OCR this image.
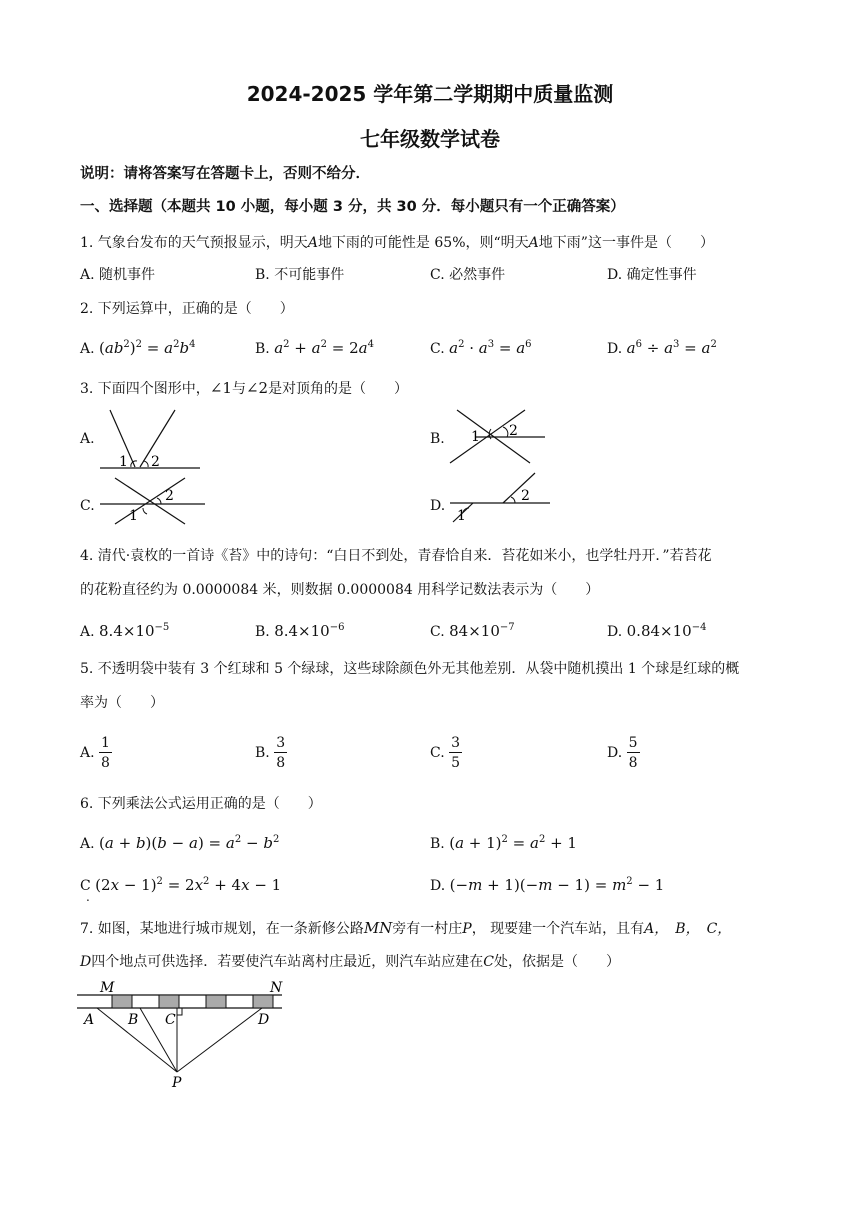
2024-2025 学年第二学期期中质量监测
七年级数学试卷
说明：请将答案写在答题卡上，否则不给分．
一、选择题（本题共 10 小题，每小题 3 分，共 30 分．每小题只有一个正确答案）
1. 气象台发布的天气预报显示，明天A地下雨的可能性是 65%，则“明天A地下雨”这一事件是（　　）
A. 随机事件	B. 不可能事件	C. 必然事件	D. 确定性事件
2. 下列运算中，正确的是（　　）
A. $(ab^2)^2 = a^2b^4$	B. $a^2 + a^2 = 2a^4$	C. $a^2 \cdot a^3 = a^6$	D. $a^6 \div a^3 = a^2$
3. 下面四个图形中，∠1与∠2是对顶角的是（　　）
A.
1 2
B. 1 2
C.
1
2
D.
1
2
4. 清代·袁枚的一首诗《苔》中的诗句：“白日不到处，青春恰自来．苔花如米小，也学牡丹开．”若苔花
的花粉直径约为 0.0000084 米，则数据 0.0000084 用科学记数法表示为（　　）
A. $8.4\times 10^{-5}$	B. $8.4\times 10^{-6}$	C. $84\times 10^{-7}$	D. $0.84\times 10^{-4}$
5. 不透明袋中装有 3 个红球和 5 个绿球，这些球除颜色外无其他差别．从袋中随机摸出 1 个球是红球的概
率为（　　）
A. $\frac{1}{8}$	B. $\frac{3}{8}$	C. $\frac{3}{5}$	D. $\frac{5}{8}$
6. 下列乘法公式运用正确的是（　　）
A. $(a + b)(b - a) = a^2 - b^2$	B. $(a + 1)^2 = a^2 + 1$
C $(2x - 1)^2 = 2x^2 + 4x - 1$
.
D. $(-m + 1)(-m - 1) = m^2 - 1$
7. 如图，某地进行城市规划，在一条新修公路MN旁有一村庄P， 现要建一个汽车站，且有A，　B，　C，
D四个地点可供选择．若要使汽车站离村庄最近，则汽车站应建在C处，依据是（　　）
M	N
A B C	D
P
